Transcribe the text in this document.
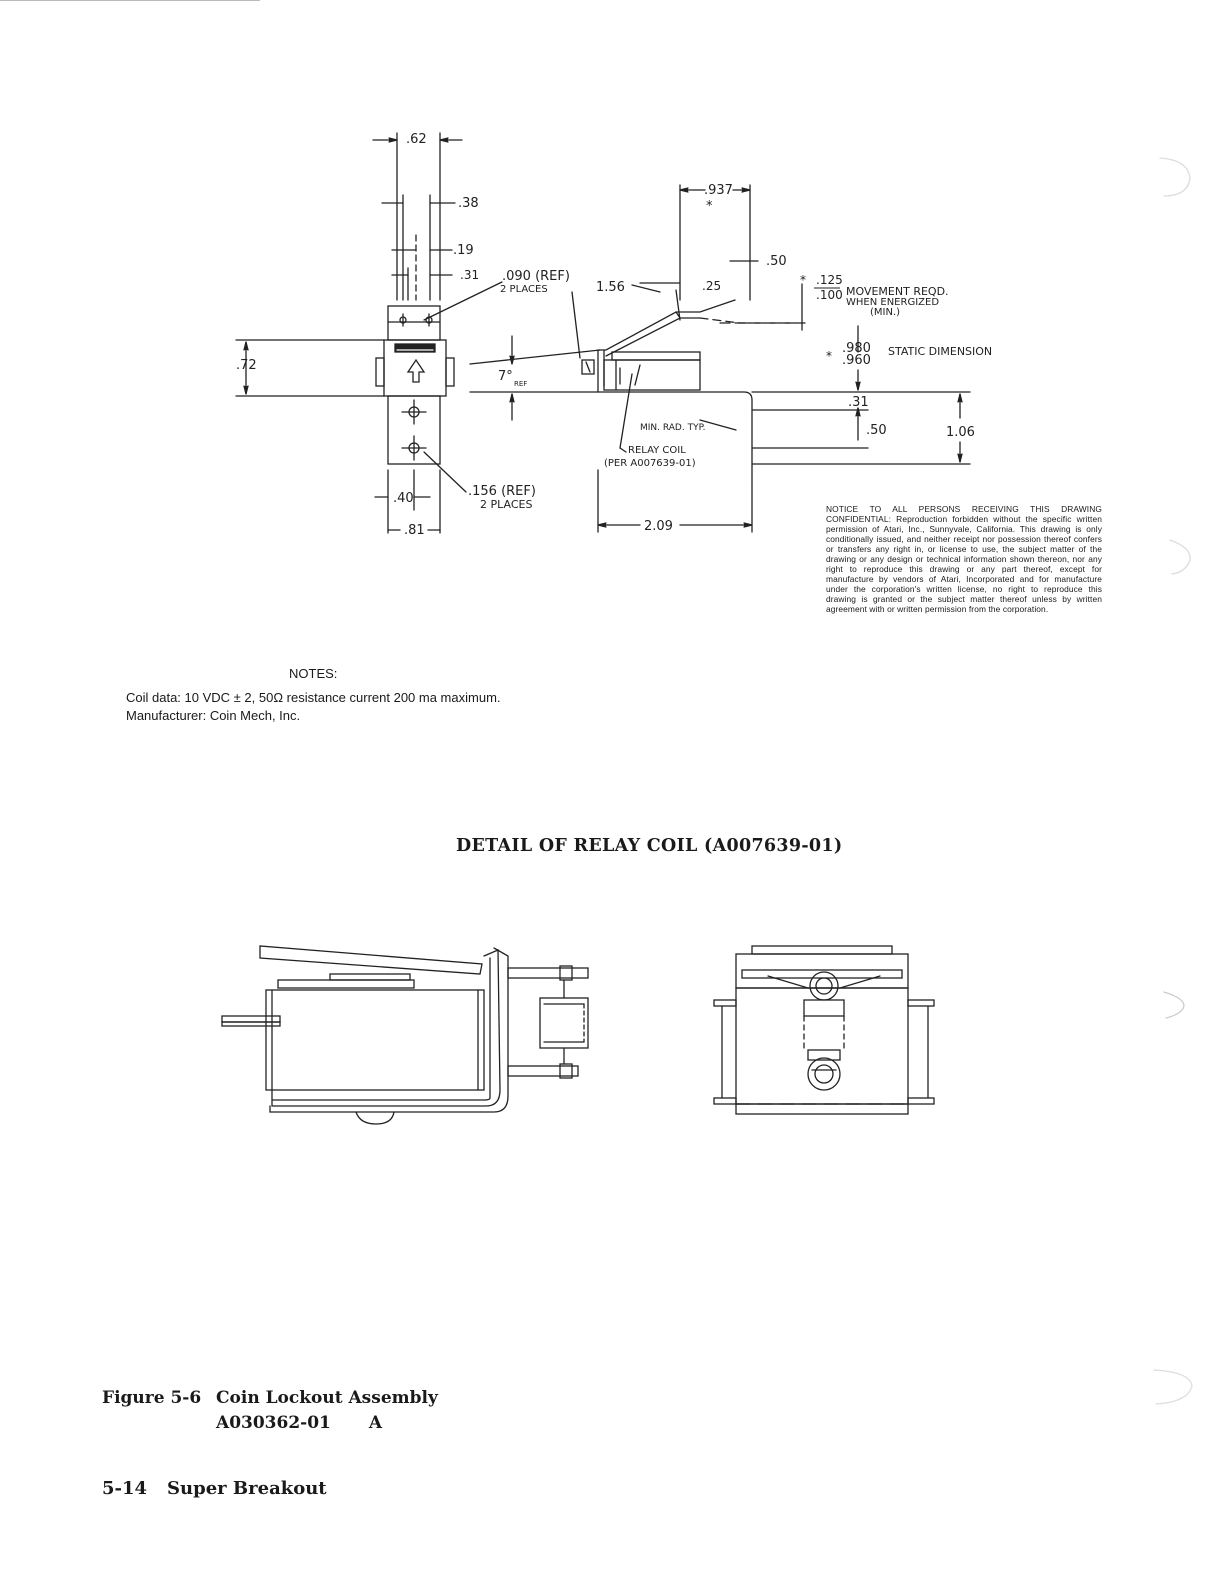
.62
.38
.19
.31
.72
.40
.81
.090 (REF)
2 PLACES
.156 (REF)
2 PLACES
.937
*
.50
1.56	.25	* .125
.100 MOVEMENT REQD.
WHEN ENERGIZED
(MIN.)
* .980
.960
STATIC DIMENSION
7° REF
MIN. RAD. TYP.
RELAY COIL
(PER A007639-01)
.31
.50	1.06
2.09
NOTICE TO ALL PERSONS RECEIVING THIS DRAWING CONFIDENTIAL: Reproduction forbidden without the specific written permission of Atari, Inc., Sunnyvale, California. This drawing is only conditionally issued, and neither receipt nor possession thereof confers or transfers any right in, or license to use, the subject matter of the drawing or any design or technical information shown thereon, nor any right to reproduce this drawing or any part thereof, except for manufacture by vendors of Atari, Incorporated and for manufacture under the corporation's written license, no right to reproduce this drawing is granted or the subject matter thereof unless by written agreement with or written permission from the corporation.
NOTES:

Coil data: 10 VDC ± 2, 50Ω resistance current 200 ma maximum.

Manufacturer: Coin Mech, Inc.

DETAIL OF RELAY COIL (A007639-01)
Figure 5-6 Coin Lockout Assembly
A030362-01 A
5-14 Super Breakout
